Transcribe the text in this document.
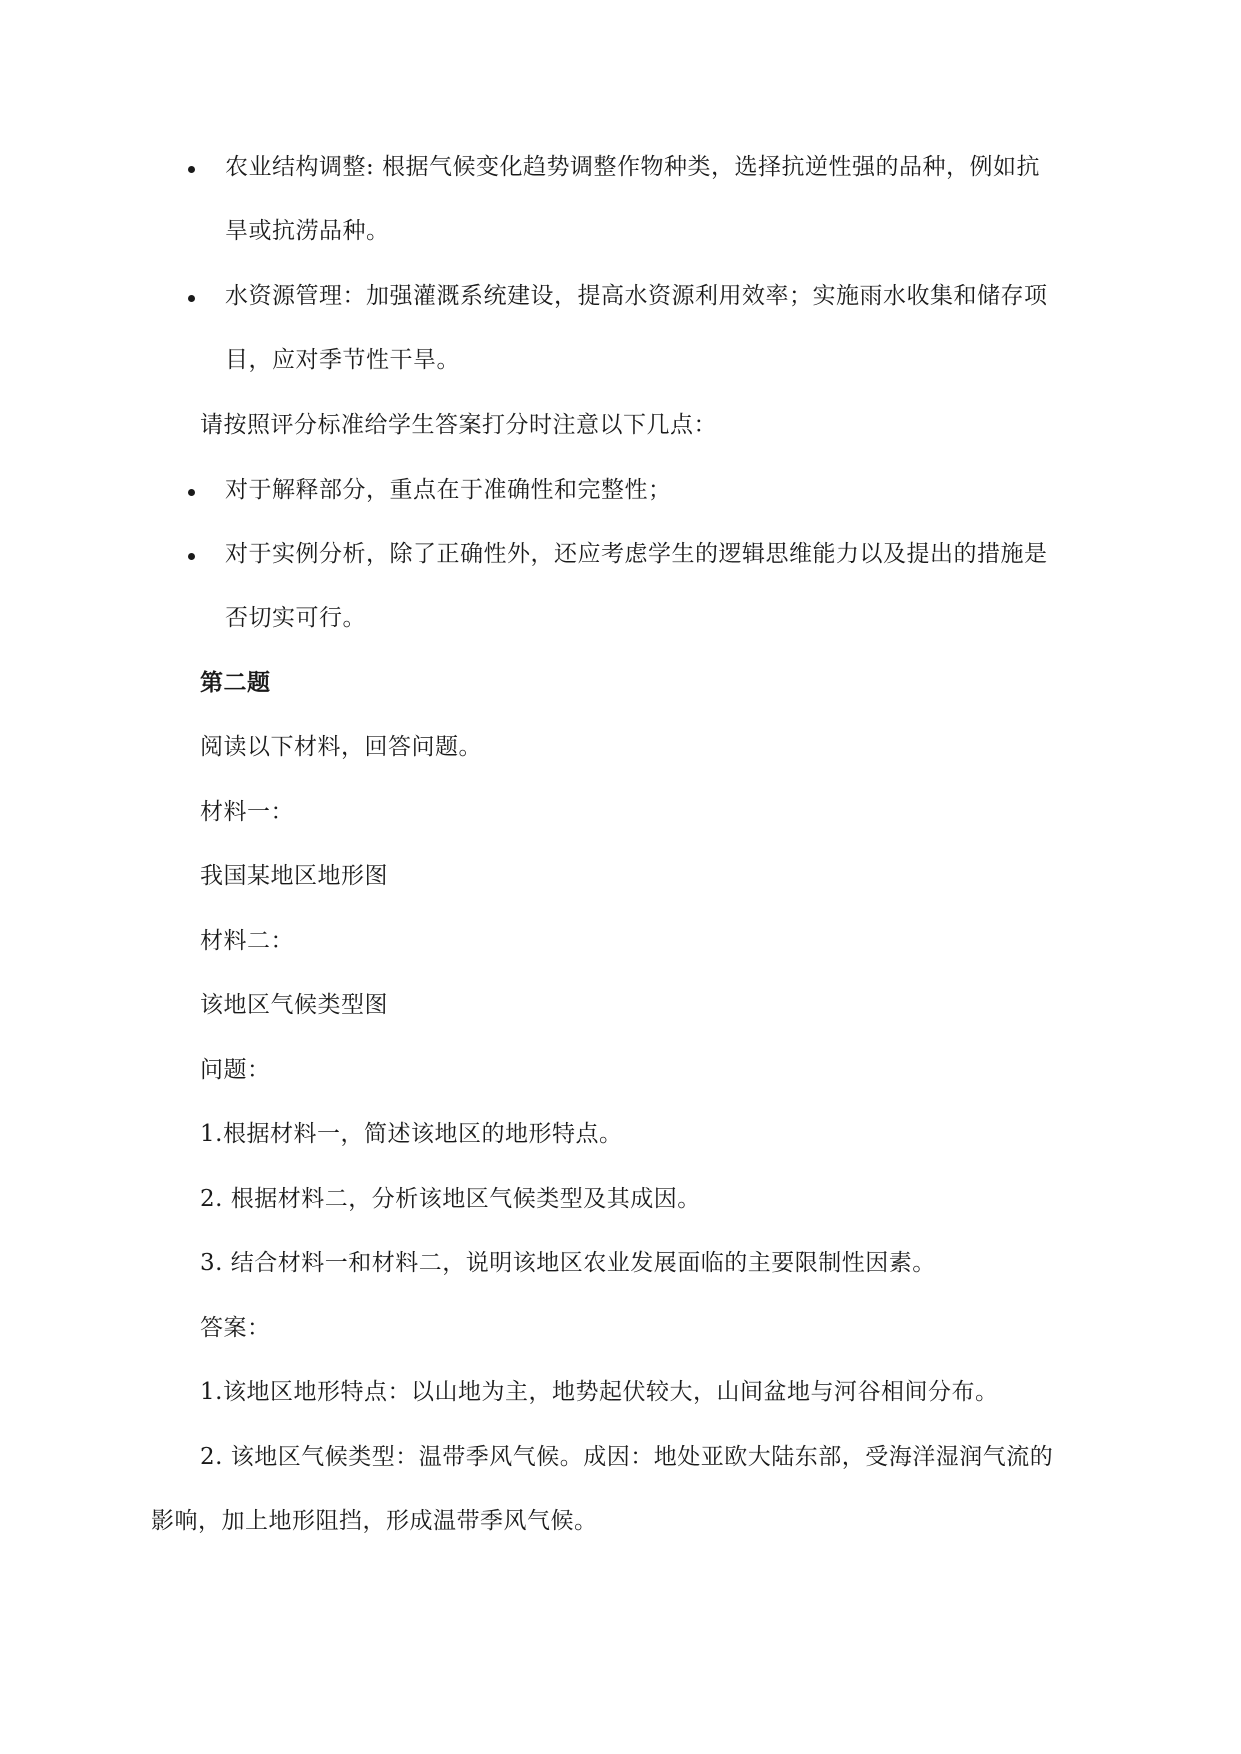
农业结构调整: 根据气候变化趋势调整作物种类，选择抗逆性强的品种，例如抗
旱或抗涝品种。
水资源管理：加强灌溉系统建设，提高水资源利用效率；实施雨水收集和储存项
目，应对季节性干旱。
请按照评分标准给学生答案打分时注意以下几点：
对于解释部分，重点在于准确性和完整性；
对于实例分析，除了正确性外，还应考虑学生的逻辑思维能力以及提出的措施是
否切实可行。
第二题
阅读以下材料，回答问题。
材料一：
我国某地区地形图
材料二：
该地区气候类型图
问题：
1.根据材料一，简述该地区的地形特点。
2. 根据材料二，分析该地区气候类型及其成因。
3. 结合材料一和材料二，说明该地区农业发展面临的主要限制性因素。
答案：
1.该地区地形特点：以山地为主，地势起伏较大，山间盆地与河谷相间分布。
2. 该地区气候类型：温带季风气候。成因：地处亚欧大陆东部，受海洋湿润气流的
影响，加上地形阻挡，形成温带季风气候。
